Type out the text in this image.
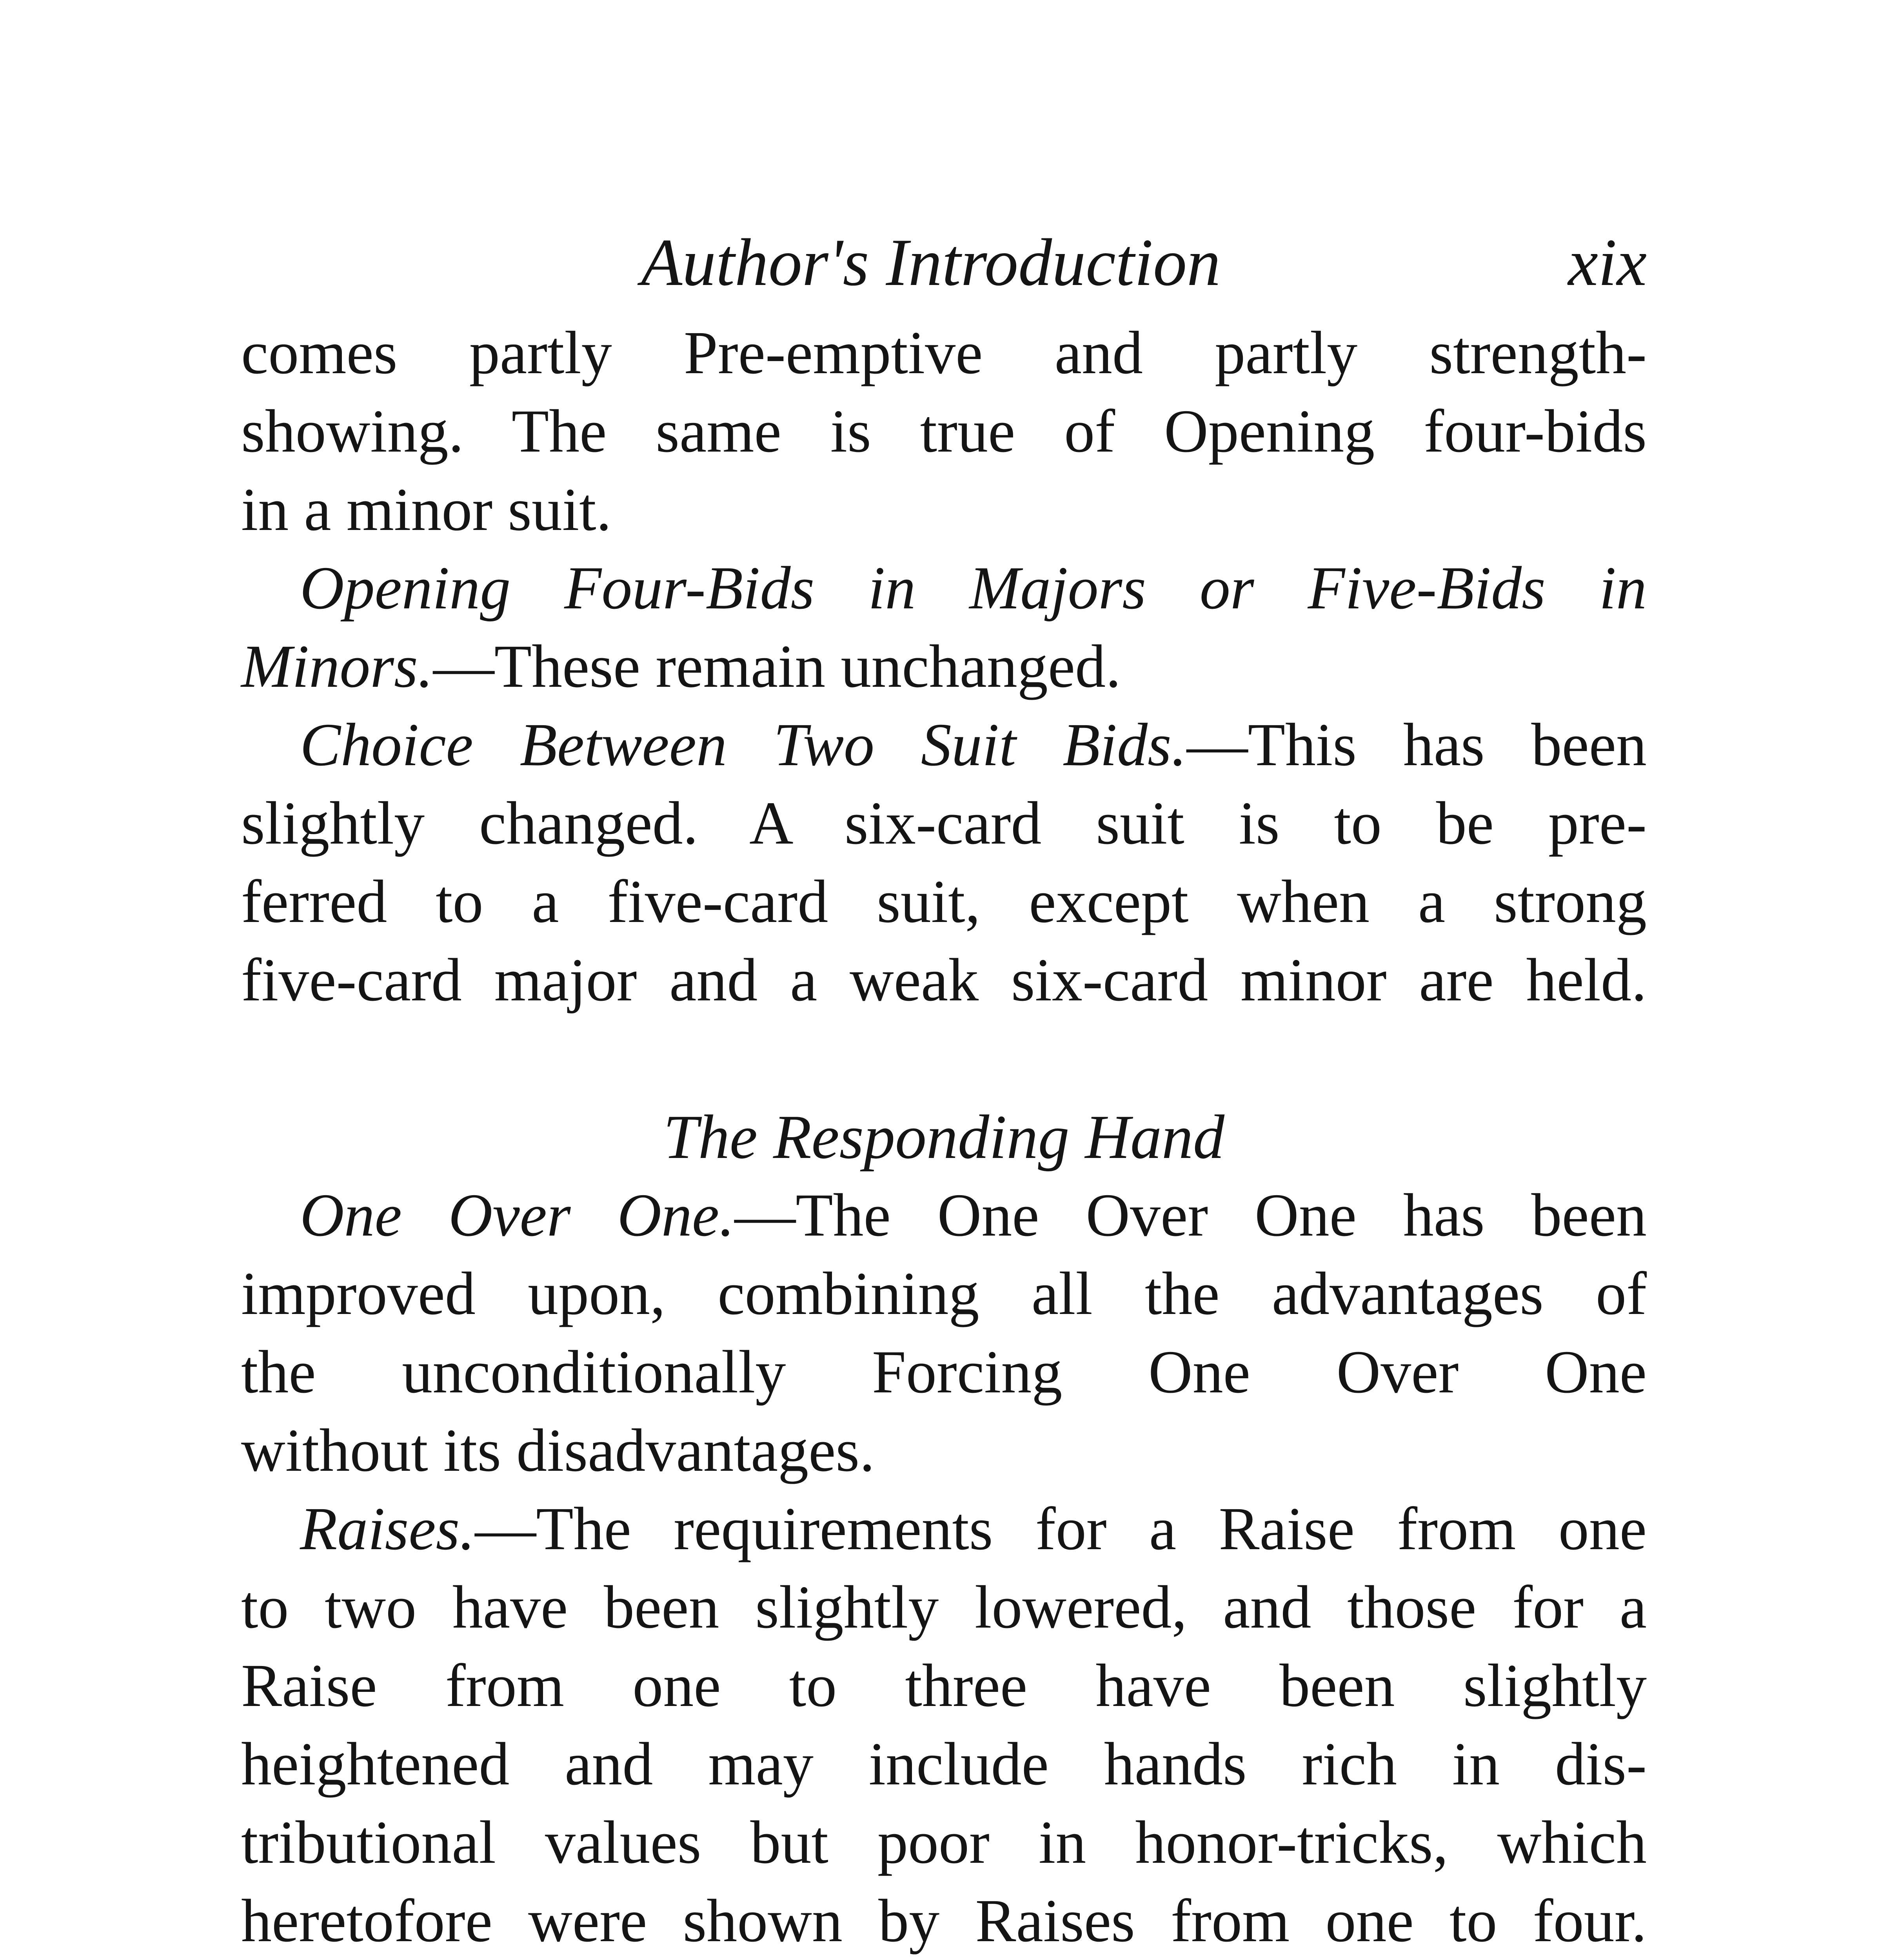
Author's Introduction	xix
comes partly Pre-emptive and partly strength-
showing. The same is true of Opening four-bids
in a minor suit.
Opening Four-Bids in Majors or Five-Bids in
Minors.—These remain unchanged.
Choice Between Two Suit Bids.—This has been
slightly changed. A six-card suit is to be pre-
ferred to a five-card suit, except when a strong
five-card major and a weak six-card minor are held.
The Responding Hand
One Over One.—The One Over One has been
improved upon, combining all the advantages of
the unconditionally Forcing One Over One
without its disadvantages.
Raises.—The requirements for a Raise from one
to two have been slightly lowered, and those for a
Raise from one to three have been slightly
heightened and may include hands rich in dis-
tributional values but poor in honor-tricks, which
heretofore were shown by Raises from one to four.
